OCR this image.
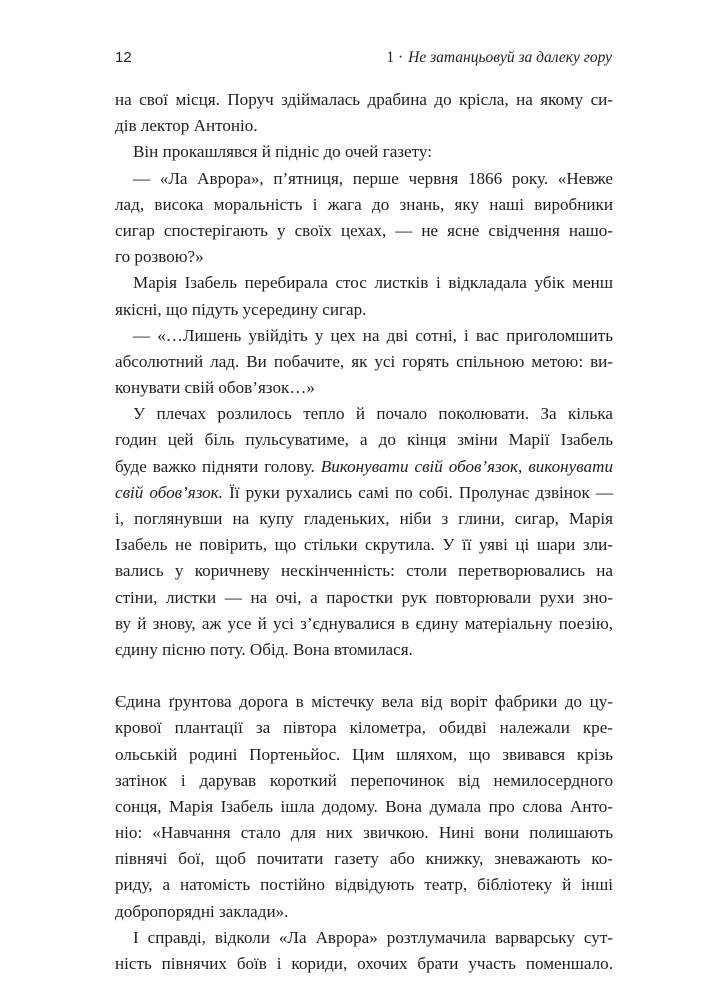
12	1 · Не затанцьовуй за далеку гору
на свої місця. Поруч здіймалась драбина до крісла, на якому си-
дів лектор Антоніо.
Він прокашлявся й підніс до очей газету:
— «Ла Аврора», п’ятниця, перше червня 1866 року. «Невже
лад, висока моральність і жага до знань, яку наші виробники
сигар спостерігають у своїх цехах, — не ясне свідчення нашо-
го розвою?»
Марія Ізабель перебирала стос листків і відкладала убік менш
якісні, що підуть усередину сигар.
— «…Лишень увійдіть у цех на дві сотні, і вас приголомшить
абсолютний лад. Ви побачите, як усі горять спільною метою: ви-
конувати свій обов’язок…»
У плечах розлилось тепло й почало поколювати. За кілька
годин цей біль пульсуватиме, а до кінця зміни Марії Ізабель
буде важко підняти голову. Виконувати свій обов’язок, виконувати
свій обов’язок. Її руки рухались самі по собі. Пролунає дзвінок —
і, поглянувши на купу гладеньких, ніби з глини, сигар, Марія
Ізабель не повірить, що стільки скрутила. У її уяві ці шари зли-
вались у коричневу нескінченність: столи перетворювались на
стіни, листки — на очі, а паростки рук повторювали рухи зно-
ву й знову, аж усе й усі з’єднувалися в єдину матеріальну поезію,
єдину пісню поту. Обід. Вона втомилася.
Єдина ґрунтова дорога в містечку вела від воріт фабрики до цу-
крової плантації за півтора кілометра, обидві належали кре-
ольській родині Портеньйос. Цим шляхом, що звивався крізь
затінок і дарував короткий перепочинок від немилосердного
сонця, Марія Ізабель ішла додому. Вона думала про слова Анто-
ніо: «Навчання стало для них звичкою. Нині вони полишають
півнячі бої, щоб почитати газету або книжку, зневажають ко-
риду, а натомість постійно відвідують театр, бібліотеку й інші
добропорядні заклади».
І справді, відколи «Ла Аврора» розтлумачила варварську сут-
ність півнячих боїв і кориди, охочих брати участь поменшало.
